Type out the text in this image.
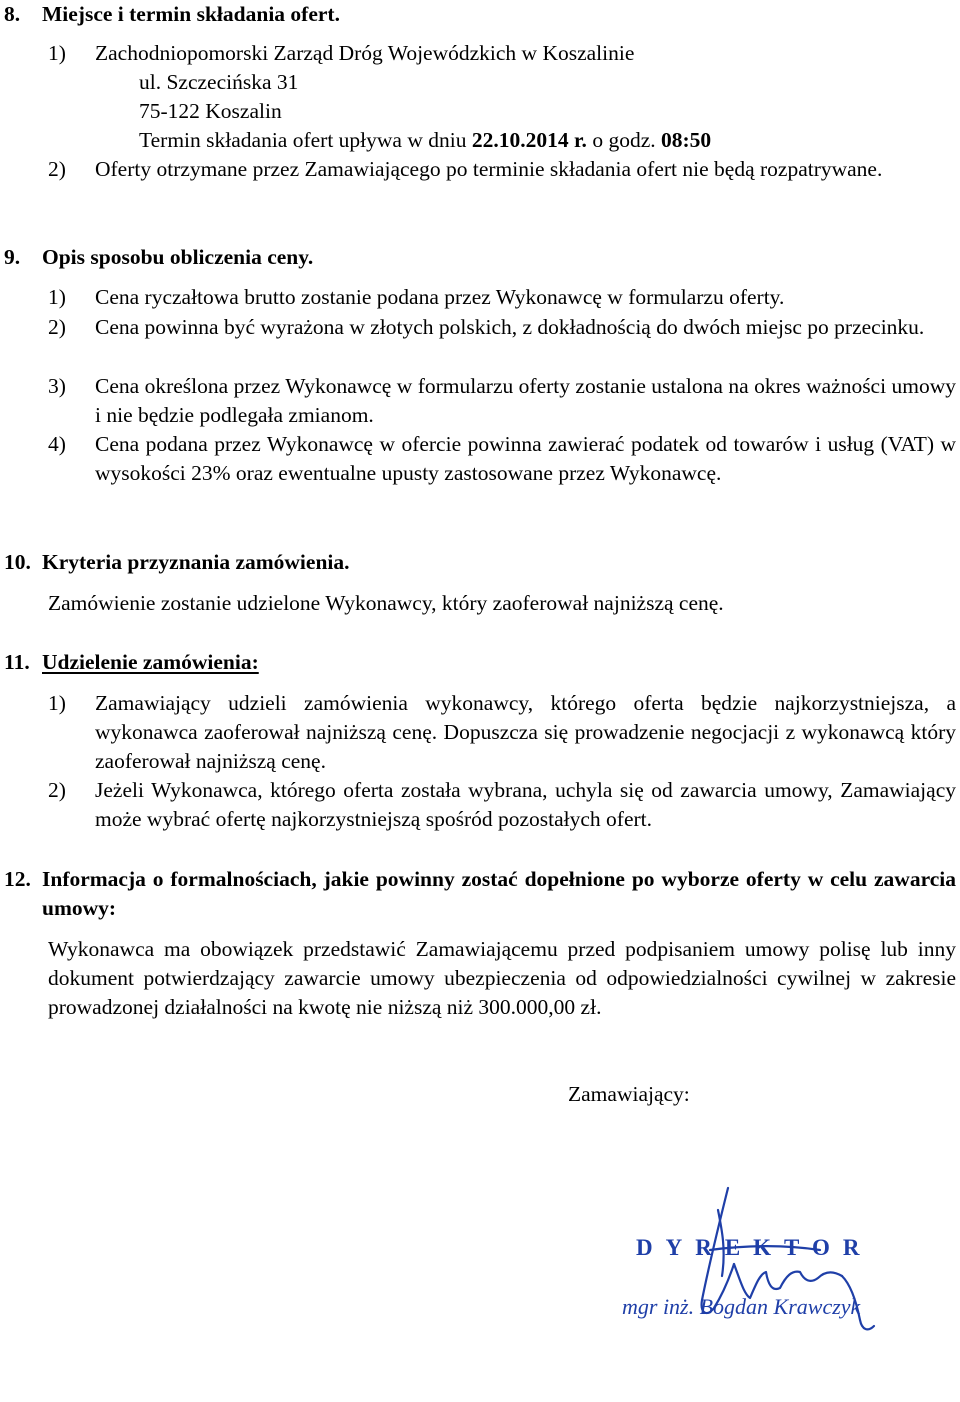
8. Miejsce i termin składania ofert.
1) Zachodniopomorski Zarząd Dróg Wojewódzkich w Koszalinie
ul. Szczecińska 31
75-122 Koszalin
Termin składania ofert upływa w dniu 22.10.2014 r. o godz. 08:50
2) Oferty otrzymane przez Zamawiającego po terminie składania ofert nie będą rozpatrywane.
9. Opis sposobu obliczenia ceny.
1) Cena ryczałtowa brutto zostanie podana przez Wykonawcę w formularzu oferty.
2) Cena powinna być wyrażona w złotych polskich, z dokładnością do dwóch miejsc po przecinku.
3) Cena określona przez Wykonawcę w formularzu oferty zostanie ustalona na okres ważności umowy i nie będzie podlegała zmianom.
4) Cena podana przez Wykonawcę w ofercie powinna zawierać podatek od towarów i usług (VAT) w wysokości 23% oraz ewentualne upusty zastosowane przez Wykonawcę.
10. Kryteria przyznania zamówienia.
Zamówienie zostanie udzielone Wykonawcy, który zaoferował najniższą cenę.
11. Udzielenie zamówienia:
1) Zamawiający udzieli zamówienia wykonawcy, którego oferta będzie najkorzystniejsza, a wykonawca zaoferował najniższą cenę. Dopuszcza się prowadzenie negocjacji z wykonawcą który zaoferował najniższą cenę.
2) Jeżeli Wykonawca, którego oferta została wybrana, uchyla się od zawarcia umowy, Zamawiający może wybrać ofertę najkorzystniejszą spośród pozostałych ofert.
12. Informacja o formalnościach, jakie powinny zostać dopełnione po wyborze oferty w celu zawarcia umowy:
Wykonawca ma obowiązek przedstawić Zamawiającemu przed podpisaniem umowy polisę lub inny dokument potwierdzający zawarcie umowy ubezpieczenia od odpowiedzialności cywilnej w zakresie prowadzonej działalności na kwotę nie niższą niż 300.000,00 zł.
Zamawiający:
DYREKTOR
mgr inż. Bogdan Krawczyk
